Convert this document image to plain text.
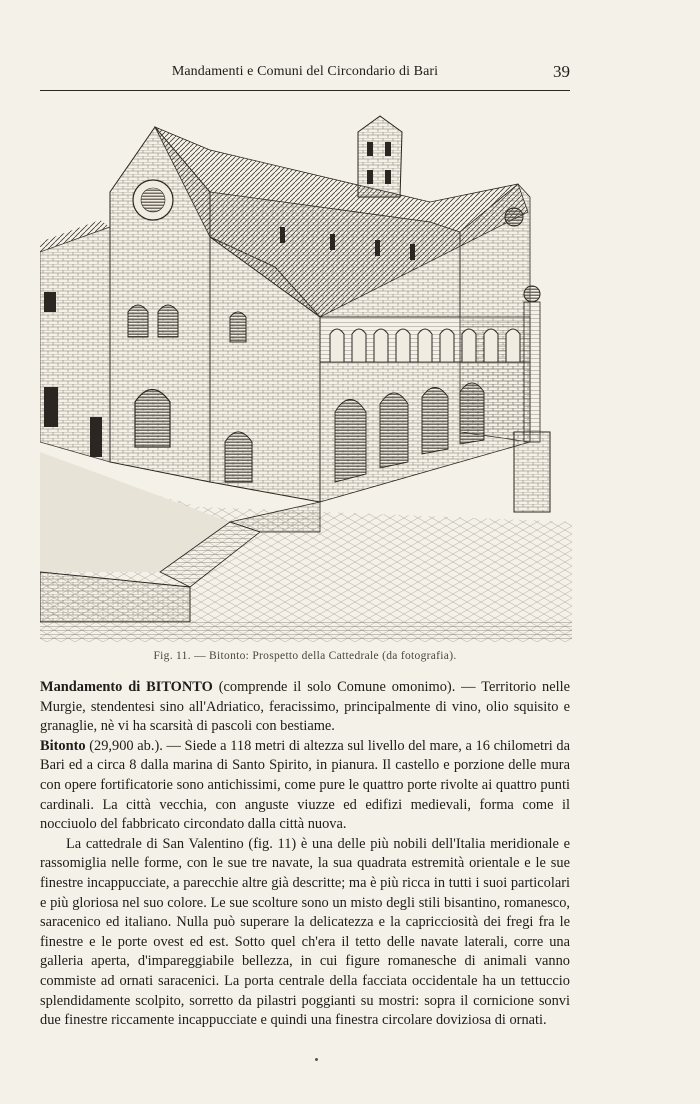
Mandamenti e Comuni del Circondario di Bari	39
Fig. 11. — Bitonto: Prospetto della Cattedrale (da fotografia).

Mandamento di BITONTO (comprende il solo Comune omonimo). — Territorio nelle Murgie, stendentesi sino all'Adriatico, feracissimo, principalmente di vino, olio squisito e granaglie, nè vi ha scarsità di pascoli con bestiame.

Bitonto (29,900 ab.). — Siede a 118 metri di altezza sul livello del mare, a 16 chilometri da Bari ed a circa 8 dalla marina di Santo Spirito, in pianura. Il castello e porzione delle mura con opere fortificatorie sono antichissimi, come pure le quattro porte rivolte ai quattro punti cardinali. La città vecchia, con anguste viuzze ed edifizi medievali, forma come il nocciuolo del fabbricato circondato dalla città nuova.

La cattedrale di San Valentino (fig. 11) è una delle più nobili dell'Italia meridionale e rassomiglia nelle forme, con le sue tre navate, la sua quadrata estremità orientale e le sue finestre incappucciate, a parecchie altre già descritte; ma è più ricca in tutti i suoi particolari e più gloriosa nel suo colore. Le sue scolture sono un misto degli stili bisantino, romanesco, saracenico ed italiano. Nulla può superare la delicatezza e la capricciosità dei fregi fra le finestre e le porte ovest ed est. Sotto quel ch'era il tetto delle navate laterali, corre una galleria aperta, d'impareggiabile bellezza, in cui figure romanesche di animali vanno commiste ad ornati saracenici. La porta centrale della facciata occidentale ha un tettuccio splendidamente scolpito, sorretto da pilastri poggianti su mostri: sopra il cornicione sonvi due finestre riccamente incappucciate e quindi una finestra circolare doviziosa di ornati.
